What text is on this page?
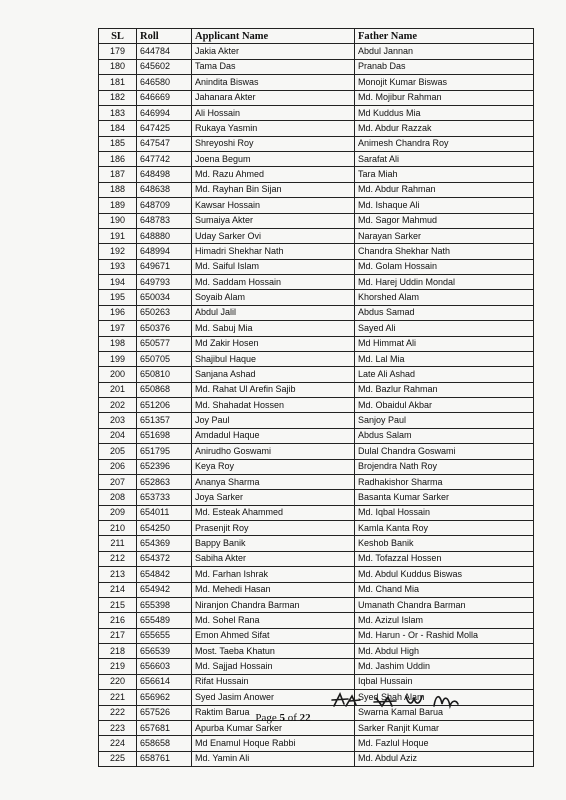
SL	Roll	Applicant Name	Father Name
179	644784	Jakia Akter	Abdul Jannan
180	645602	Tama Das	Pranab Das
181	646580	Anindita Biswas	Monojit Kumar Biswas
182	646669	Jahanara Akter	Md. Mojibur Rahman
183	646994	Ali Hossain	Md Kuddus Mia
184	647425	Rukaya Yasmin	Md. Abdur Razzak
185	647547	Shreyoshi Roy	Animesh Chandra Roy
186	647742	Joena Begum	Sarafat Ali
187	648498	Md. Razu Ahmed	Tara Miah
188	648638	Md. Rayhan Bin Sijan	Md. Abdur Rahman
189	648709	Kawsar Hossain	Md. Ishaque Ali
190	648783	Sumaiya Akter	Md. Sagor Mahmud
191	648880	Uday Sarker Ovi	Narayan Sarker
192	648994	Himadri Shekhar Nath	Chandra Shekhar Nath
193	649671	Md. Saiful Islam	Md. Golam Hossain
194	649793	Md. Saddam Hossain	Md. Harej Uddin Mondal
195	650034	Soyaib Alam	Khorshed Alam
196	650263	Abdul Jalil	Abdus Samad
197	650376	Md. Sabuj Mia	Sayed Ali
198	650577	Md Zakir Hosen	Md Himmat Ali
199	650705	Shajibul Haque	Md. Lal Mia
200	650810	Sanjana Ashad	Late Ali Ashad
201	650868	Md. Rahat Ul Arefin Sajib	Md. Bazlur Rahman
202	651206	Md. Shahadat Hossen	Md. Obaidul Akbar
203	651357	Joy Paul	Sanjoy Paul
204	651698	Amdadul Haque	Abdus Salam
205	651795	Anirudho Goswami	Dulal Chandra Goswami
206	652396	Keya Roy	Brojendra Nath Roy
207	652863	Ananya Sharma	Radhakishor Sharma
208	653733	Joya Sarker	Basanta Kumar Sarker
209	654011	Md. Esteak Ahammed	Md. Iqbal Hossain
210	654250	Prasenjit Roy	Kamla Kanta Roy
211	654369	Bappy Banik	Keshob Banik
212	654372	Sabiha Akter	Md. Tofazzal Hossen
213	654842	Md. Farhan Ishrak	Md. Abdul Kuddus Biswas
214	654942	Md. Mehedi Hasan	Md. Chand Mia
215	655398	Niranjon Chandra Barman	Umanath Chandra Barman
216	655489	Md. Sohel Rana	Md. Azizul Islam
217	655655	Emon Ahmed Sifat	Md. Harun - Or - Rashid Molla
218	656539	Most. Taeba Khatun	Md. Abdul High
219	656603	Md. Sajjad Hossain	Md. Jashim Uddin
220	656614	Rifat Hussain	Iqbal Hussain
221	656962	Syed Jasim Anower	Syed Shah Alam
222	657526	Raktim Barua	Swarna Kamal Barua
223	657681	Apurba Kumar Sarker	Sarker Ranjit Kumar
224	658658	Md Enamul Hoque Rabbi	Md. Fazlul Hoque
225	658761	Md. Yamin Ali	Md. Abdul Aziz
Page 5 of 22
